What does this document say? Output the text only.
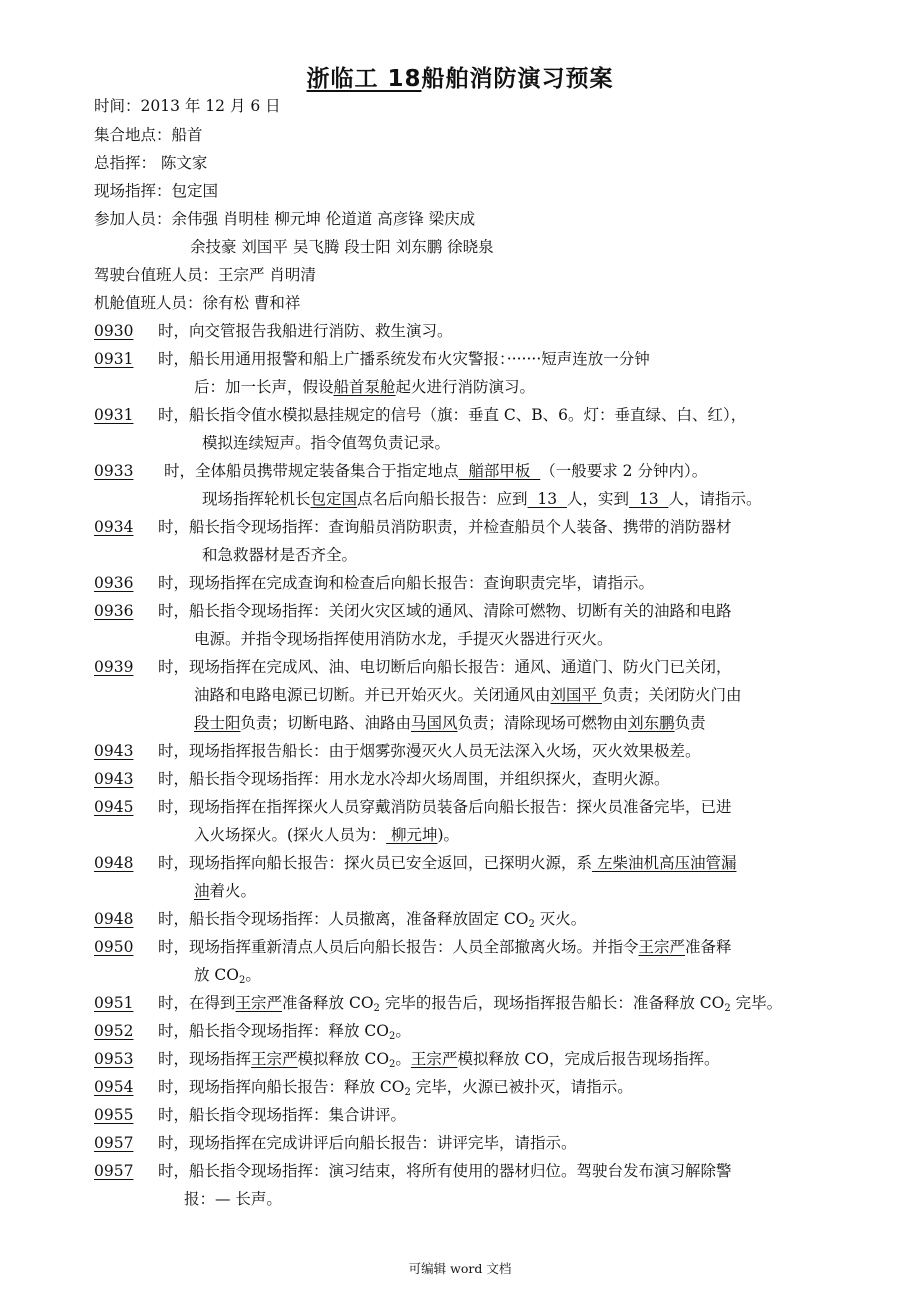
浙临工 18船舶消防演习预案
时间：2013 年 12 月 6 日
集合地点：船首
总指挥： 陈文家
现场指挥：包定国
参加人员：余伟强 肖明桂 柳元坤 伦道道 高彦锋 梁庆成
余技豪 刘国平 吴飞腾 段士阳 刘东鹏 徐晓泉
驾驶台值班人员：王宗严 肖明清
机舱值班人员：徐有松 曹和祥
0930 时，向交管报告我船进行消防、救生演习。
0931 时，船长用通用报警和船上广播系统发布火灾警报：·······短声连放一分钟
后：加一长声，假设船首泵舱起火进行消防演习。
0931 时，船长指令值水模拟悬挂规定的信号（旗：垂直 C、B、6。灯：垂直绿、白、红），
模拟连续短声。指令值驾负责记录。
0933 时，全体船员携带规定装备集合于指定地点  艏部甲板  （一般要求 2 分钟内）。
现场指挥轮机长包定国点名后向船长报告：应到  13  人，实到  13  人，请指示。
0934 时，船长指令现场指挥：查询船员消防职责，并检查船员个人装备、携带的消防器材
和急救器材是否齐全。
0936 时，现场指挥在完成查询和检查后向船长报告：查询职责完毕，请指示。
0936 时，船长指令现场指挥：关闭火灾区域的通风、清除可燃物、切断有关的油路和电路
电源。并指令现场指挥使用消防水龙，手提灭火器进行灭火。
0939 时，现场指挥在完成风、油、电切断后向船长报告：通风、通道门、防火门已关闭，
油路和电路电源已切断。并已开始灭火。关闭通风由刘国平 负责；关闭防火门由
段士阳负责；切断电路、油路由马国风负责；清除现场可燃物由刘东鹏负责
0943 时，现场指挥报告船长：由于烟雾弥漫灭火人员无法深入火场，灭火效果极差。
0943 时，船长指令现场指挥：用水龙水冷却火场周围，并组织探火，查明火源。
0945 时，现场指挥在指挥探火人员穿戴消防员装备后向船长报告：探火员准备完毕，已进
入火场探火。(探火人员为： 柳元坤)。
0948 时，现场指挥向船长报告：探火员已安全返回，已探明火源，系 左柴油机高压油管漏
油着火。
0948 时，船长指令现场指挥：人员撤离，准备释放固定 $CO_2$ 灭火。
0950 时，现场指挥重新清点人员后向船长报告：人员全部撤离火场。并指令王宗严准备释
放 $CO_2$。
0951 时，在得到王宗严准备释放 $CO_2$ 完毕的报告后，现场指挥报告船长：准备释放 $CO_2$ 完毕。
0952 时，船长指令现场指挥：释放 $CO_2$。
0953 时，现场指挥王宗严模拟释放 $CO_2$。王宗严模拟释放 CO，完成后报告现场指挥。
0954 时，现场指挥向船长报告：释放 $CO_2$ 完毕，火源已被扑灭，请指示。
0955 时，船长指令现场指挥：集合讲评。
0957 时，现场指挥在完成讲评后向船长报告：讲评完毕，请指示。
0957 时，船长指令现场指挥：演习结束，将所有使用的器材归位。驾驶台发布演习解除警
报：— 长声。
可编辑 word 文档
